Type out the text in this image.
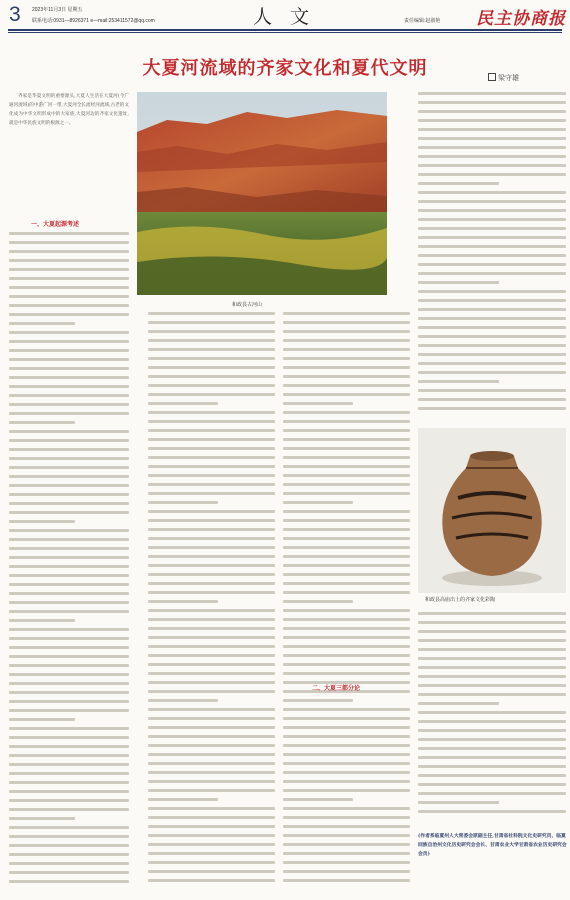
3 2023年11月3日 星期五
联系电话:0931—8926371 e—mail:253411572@qq.com	人 文	责任编辑:赵淑艳 民主协商报
大夏河流域的齐家文化和夏代文明	梁守雄

齐家是华夏文明的重要源头,大夏人生活在大夏河(今广通河流域)的中游广河一带,大夏河全长流经河流域,古老的文化成为中华文明形成中的大家族,大夏河边的齐家文化遗址,就是中华民族文明的根源之一。

一、大夏起源考述
和政县古河山
二、大夏三都分论
和政县高庙出土的齐家文化彩陶
(作者系临夏州人大常委会原副主任,甘肃省社科院文化史研究员、临夏回族自治州文化历史研究会会长、甘肃农业大学甘肃省农业历史研究会会员)
